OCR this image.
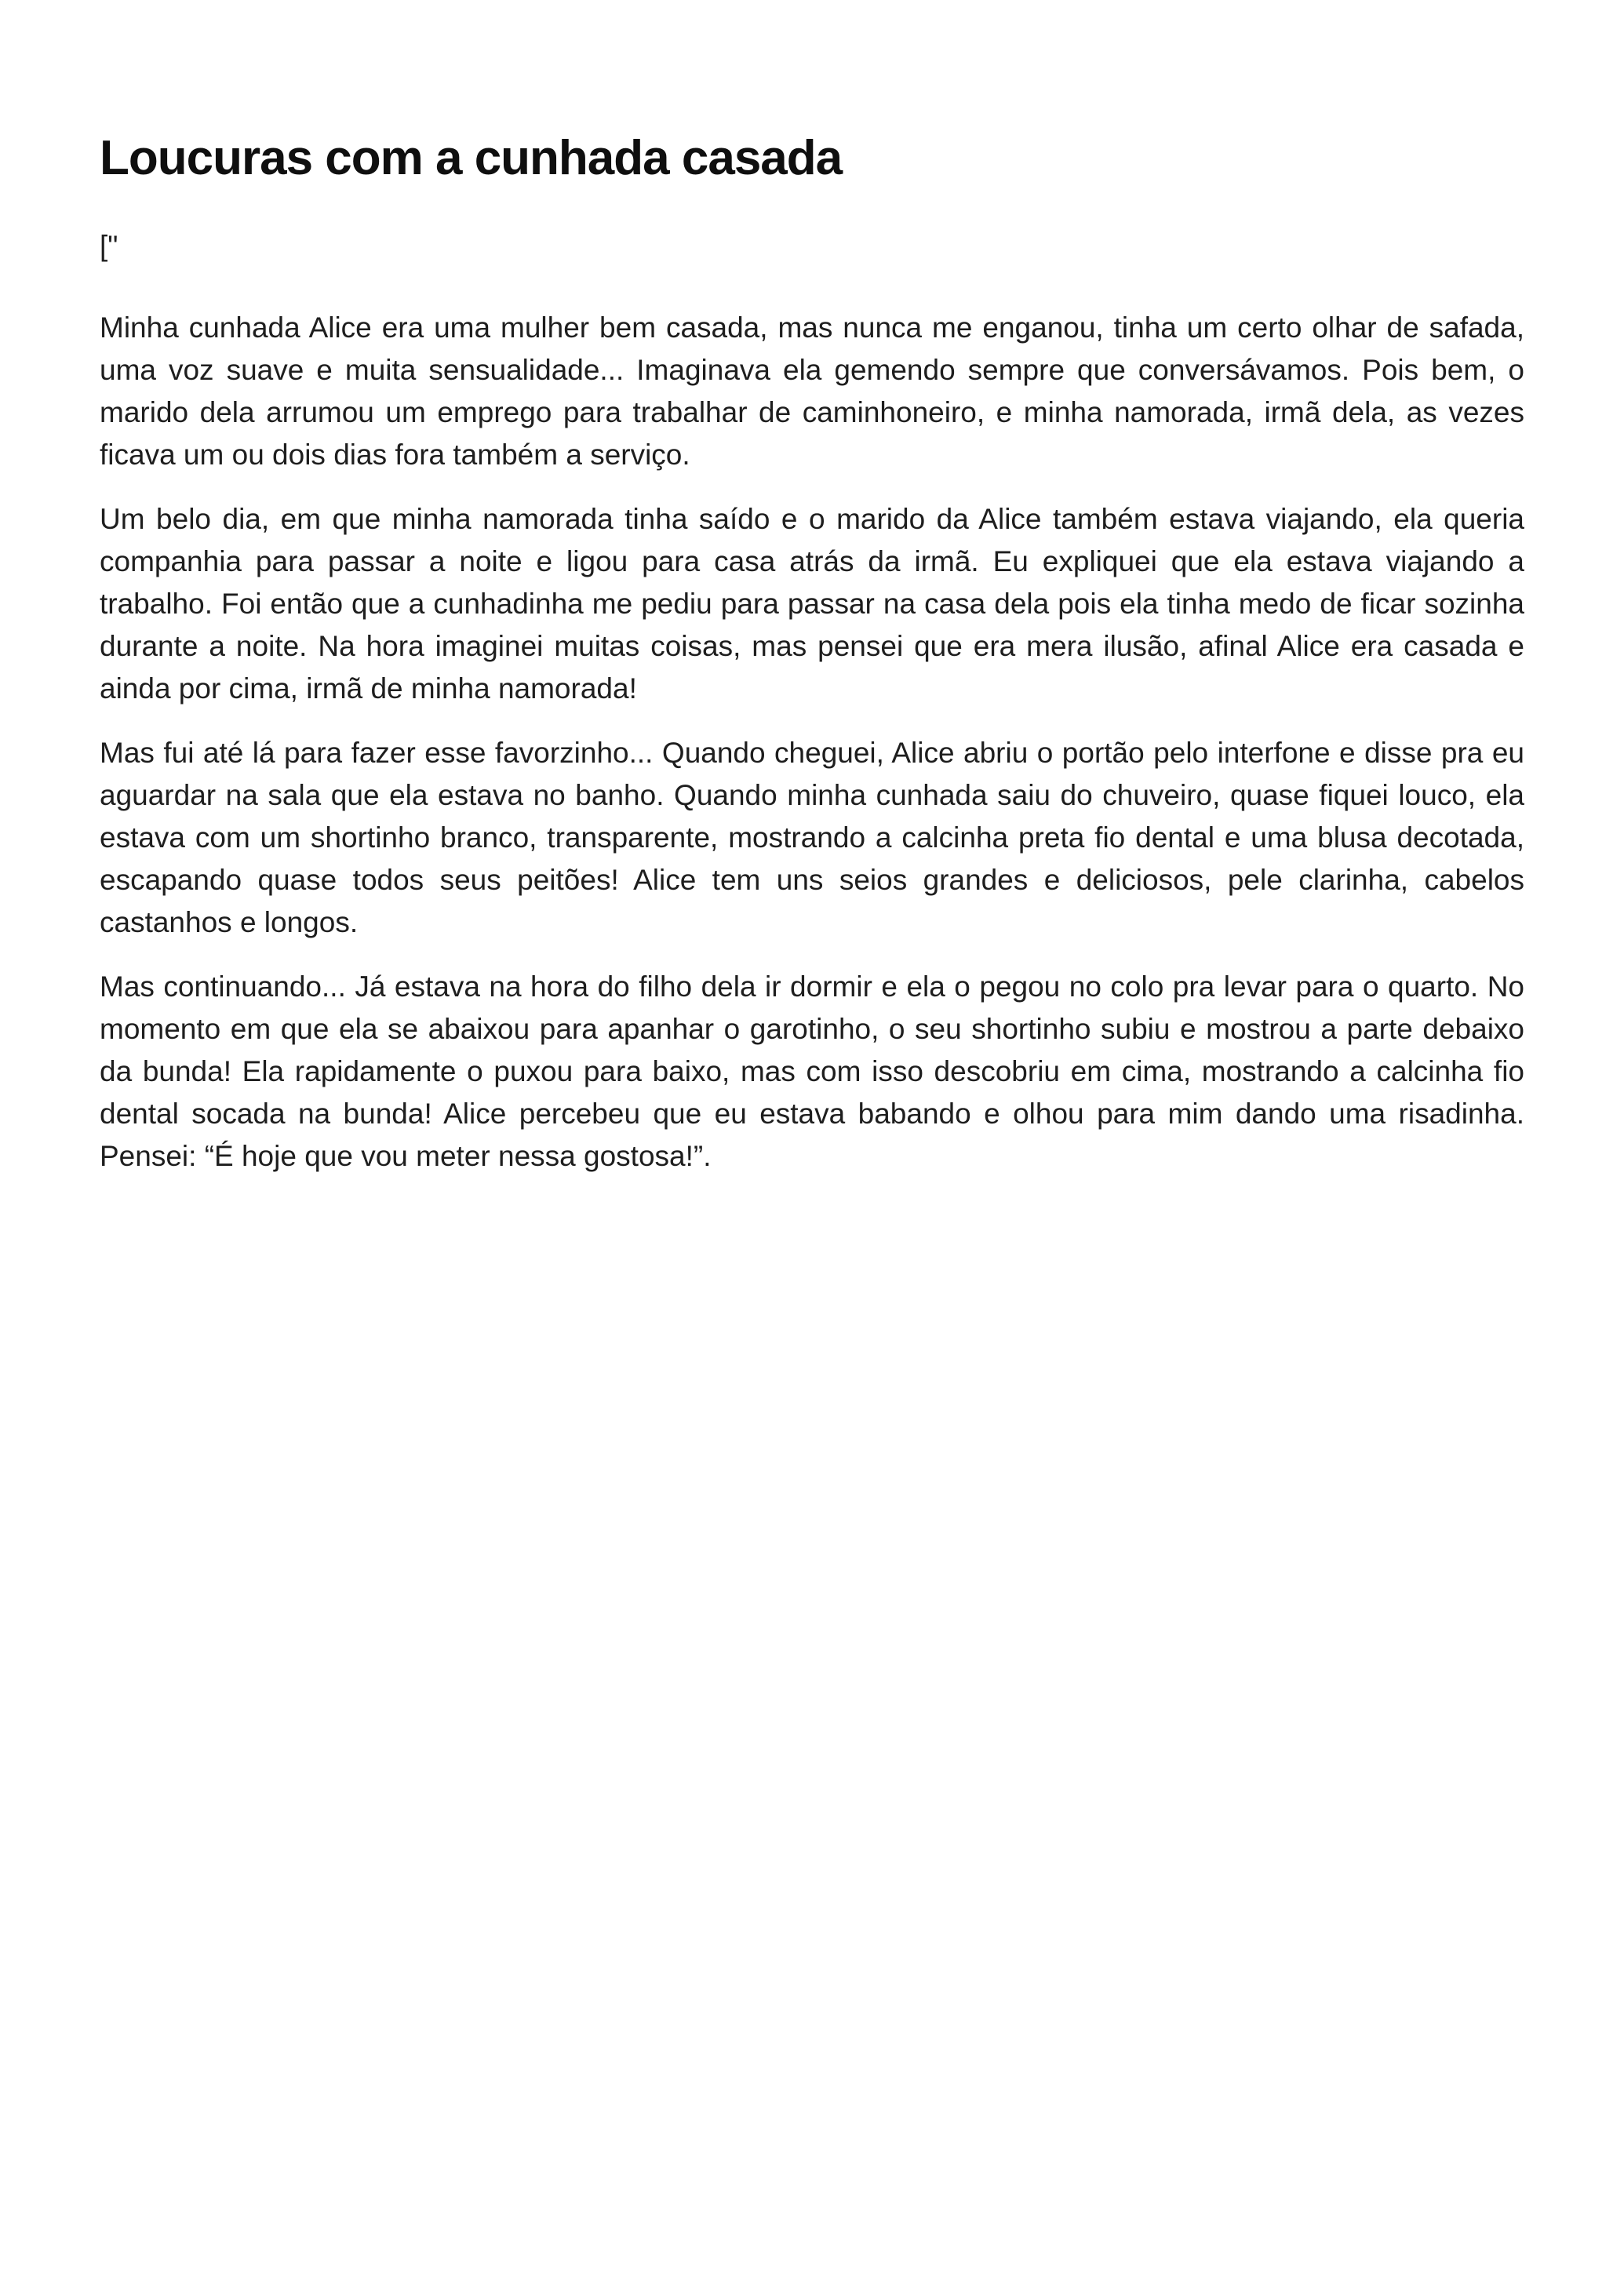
Loucuras com a cunhada casada

["

Minha cunhada Alice era uma mulher bem casada, mas nunca me enganou, tinha um certo olhar de safada, uma voz suave e muita sensualidade... Imaginava ela gemendo sempre que conversávamos. Pois bem, o marido dela arrumou um emprego para trabalhar de caminhoneiro, e minha namorada, irmã dela, as vezes ficava um ou dois dias fora também a serviço.

Um belo dia, em que minha namorada tinha saído e o marido da Alice também estava viajando, ela queria companhia para passar a noite e ligou para casa atrás da irmã. Eu expliquei que ela estava viajando a trabalho. Foi então que a cunhadinha me pediu para passar na casa dela pois ela tinha medo de ficar sozinha durante a noite. Na hora imaginei muitas coisas, mas pensei que era mera ilusão, afinal Alice era casada e ainda por cima, irmã de minha namorada!

Mas fui até lá para fazer esse favorzinho... Quando cheguei, Alice abriu o portão pelo interfone e disse pra eu aguardar na sala que ela estava no banho. Quando minha cunhada saiu do chuveiro, quase fiquei louco, ela estava com um shortinho branco, transparente, mostrando a calcinha preta fio dental e uma blusa decotada, escapando quase todos seus peitões! Alice tem uns seios grandes e deliciosos, pele clarinha, cabelos castanhos e longos.

Mas continuando... Já estava na hora do filho dela ir dormir e ela o pegou no colo pra levar para o quarto. No momento em que ela se abaixou para apanhar o garotinho, o seu shortinho subiu e mostrou a parte debaixo da bunda! Ela rapidamente o puxou para baixo, mas com isso descobriu em cima, mostrando a calcinha fio dental socada na bunda! Alice percebeu que eu estava babando e olhou para mim dando uma risadinha. Pensei: “É hoje que vou meter nessa gostosa!”.
